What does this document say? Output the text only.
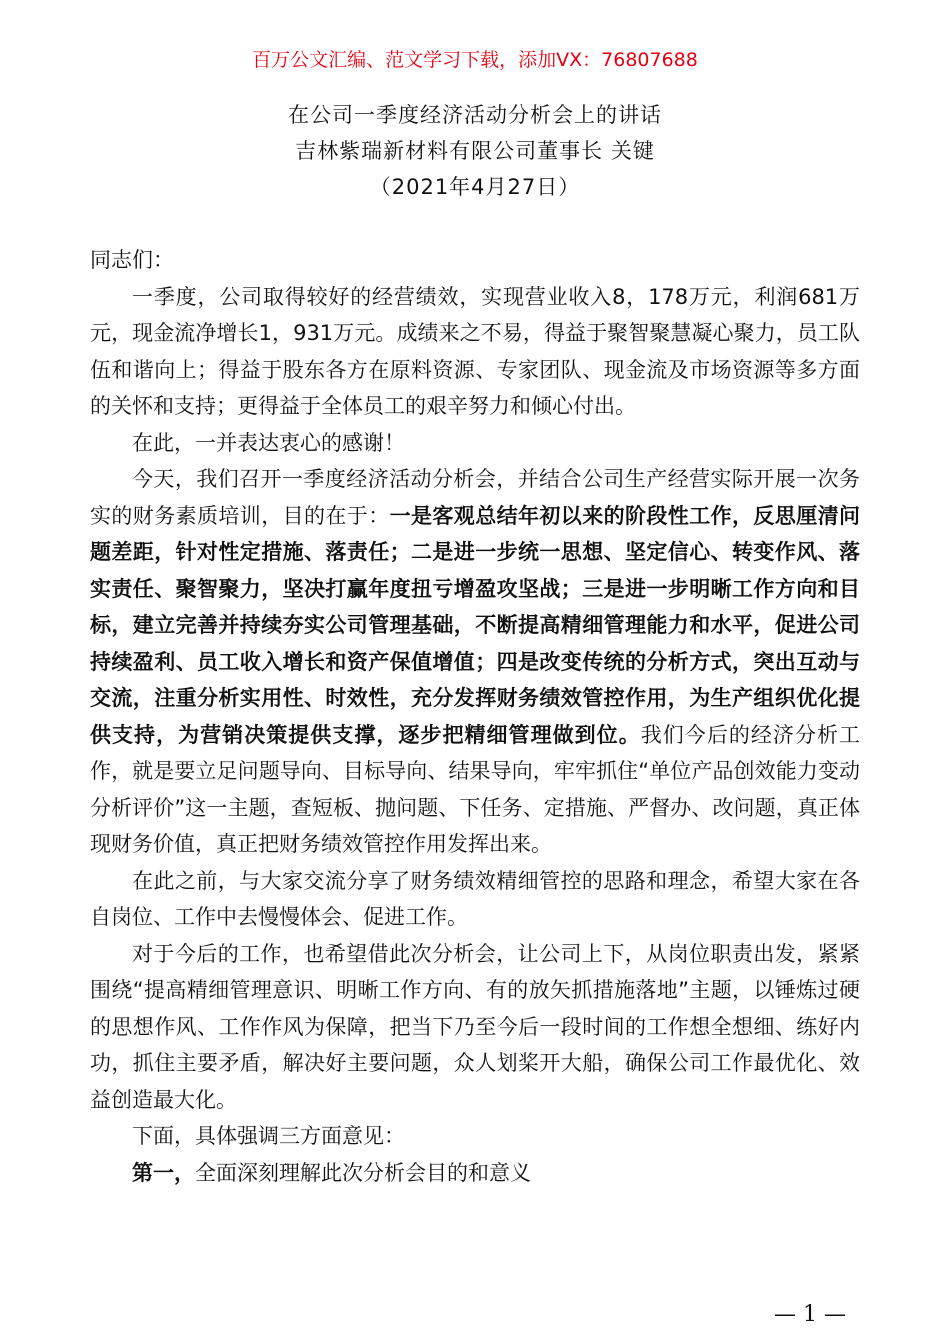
百万公文汇编、范文学习下载，添加VX：76807688
在公司一季度经济活动分析会上的讲话
吉林紫瑞新材料有限公司董事长 关键
（2021年4月27日）

同志们：

一季度，公司取得较好的经营绩效，实现营业收入8，178万元，利润681万元，现金流净增长1，931万元。成绩来之不易，得益于聚智聚慧凝心聚力，员工队伍和谐向上；得益于股东各方在原料资源、专家团队、现金流及市场资源等多方面的关怀和支持；更得益于全体员工的艰辛努力和倾心付出。

在此，一并表达衷心的感谢！

今天，我们召开一季度经济活动分析会，并结合公司生产经营实际开展一次务实的财务素质培训，目的在于：一是客观总结年初以来的阶段性工作，反思厘清问题差距，针对性定措施、落责任；二是进一步统一思想、坚定信心、转变作风、落实责任、聚智聚力，坚决打赢年度扭亏增盈攻坚战；三是进一步明晰工作方向和目标，建立完善并持续夯实公司管理基础，不断提高精细管理能力和水平，促进公司持续盈利、员工收入增长和资产保值增值；四是改变传统的分析方式，突出互动与交流，注重分析实用性、时效性，充分发挥财务绩效管控作用，为生产组织优化提供支持，为营销决策提供支撑，逐步把精细管理做到位。我们今后的经济分析工作，就是要立足问题导向、目标导向、结果导向，牢牢抓住“单位产品创效能力变动分析评价”这一主题，查短板、抛问题、下任务、定措施、严督办、改问题，真正体现财务价值，真正把财务绩效管控作用发挥出来。

在此之前，与大家交流分享了财务绩效精细管控的思路和理念，希望大家在各自岗位、工作中去慢慢体会、促进工作。

对于今后的工作，也希望借此次分析会，让公司上下，从岗位职责出发，紧紧围绕“提高精细管理意识、明晰工作方向、有的放矢抓措施落地”主题，以锤炼过硬的思想作风、工作作风为保障，把当下乃至今后一段时间的工作想全想细、练好内功，抓住主要矛盾，解决好主要问题，众人划桨开大船，确保公司工作最优化、效益创造最大化。

下面，具体强调三方面意见：

第一，全面深刻理解此次分析会目的和意义

— 1 —
